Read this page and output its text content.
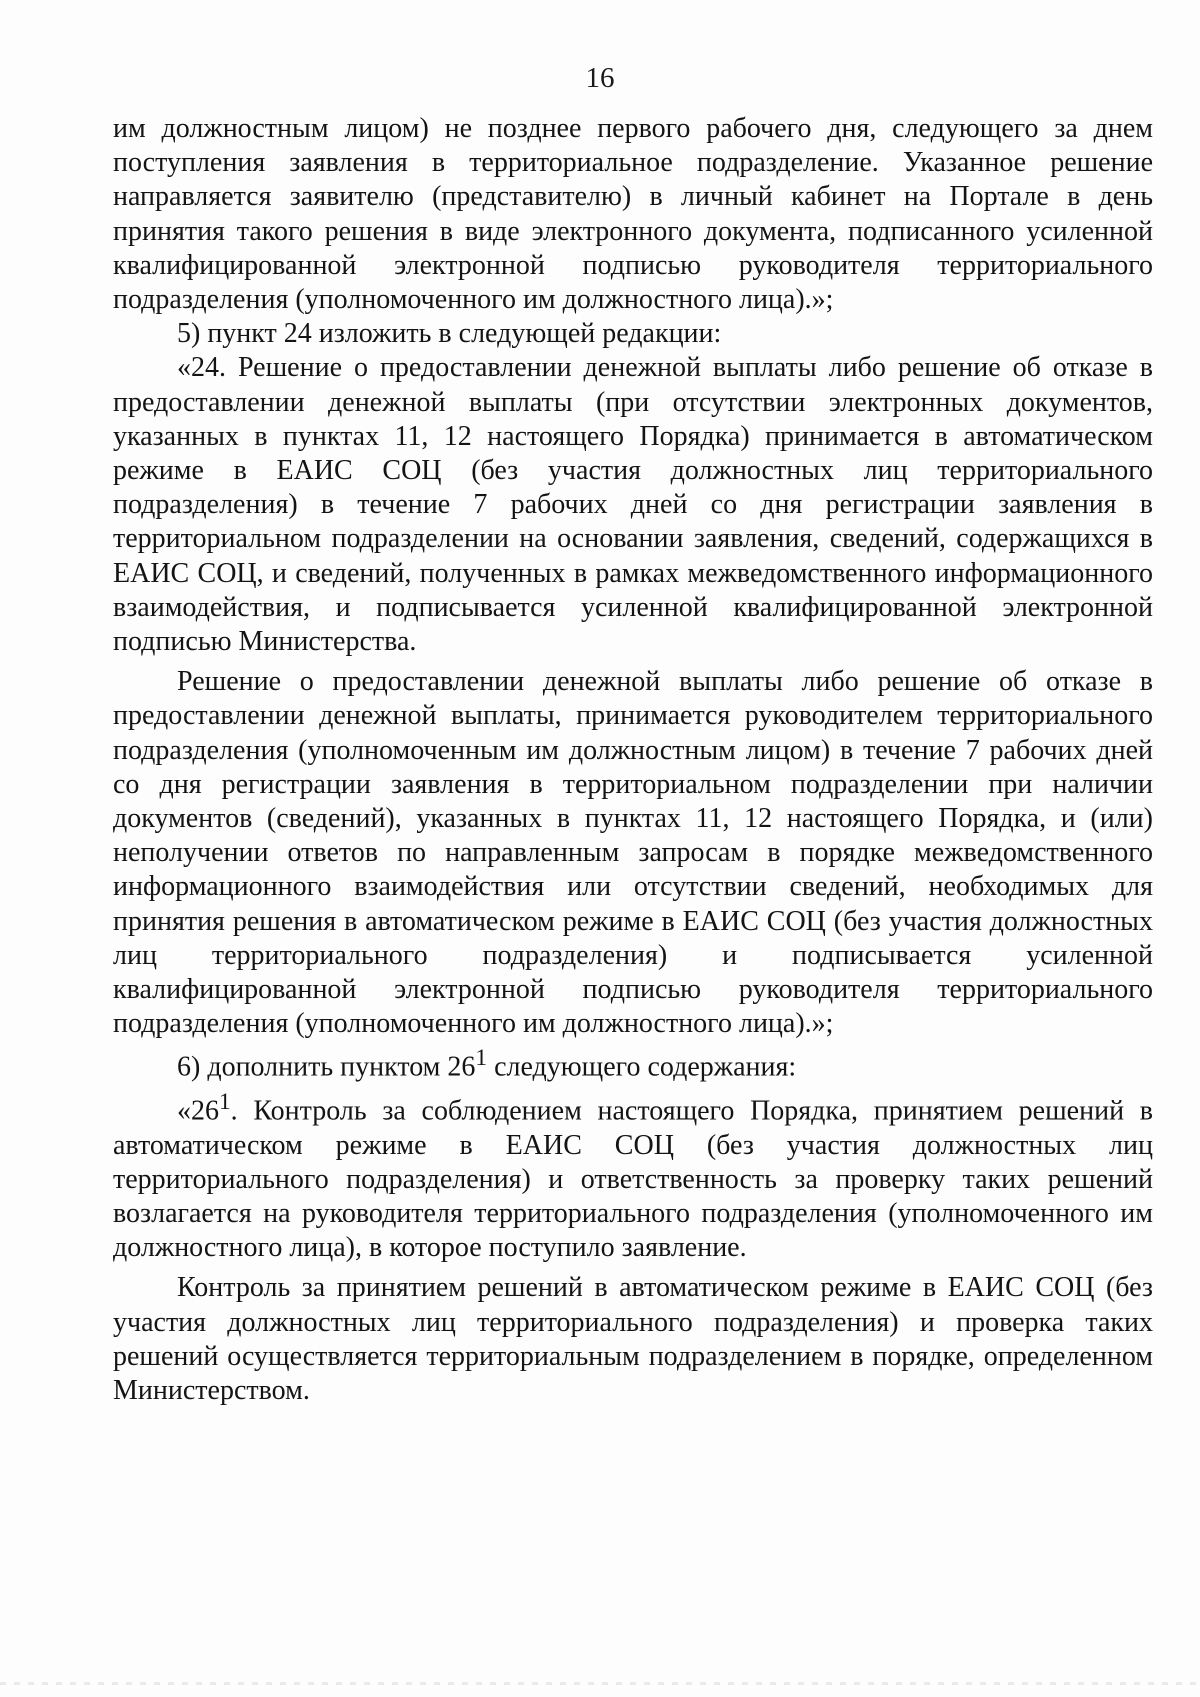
16

им должностным лицом) не позднее первого рабочего дня, следующего за днем поступления заявления в территориальное подразделение. Указанное решение направляется заявителю (представителю) в личный кабинет на Портале в день принятия такого решения в виде электронного документа, подписанного усиленной квалифицированной электронной подписью руководителя территориального подразделения (уполномоченного им должностного лица).»;

5) пункт 24 изложить в следующей редакции:

«24. Решение о предоставлении денежной выплаты либо решение об отказе в предоставлении денежной выплаты (при отсутствии электронных документов, указанных в пунктах 11, 12 настоящего Порядка) принимается в автоматическом режиме в ЕАИС СОЦ (без участия должностных лиц территориального подразделения) в течение 7 рабочих дней со дня регистрации заявления в территориальном подразделении на основании заявления, сведений, содержащихся в ЕАИС СОЦ, и сведений, полученных в рамках межведомственного информационного взаимодействия, и подписывается усиленной квалифицированной электронной подписью Министерства.

Решение о предоставлении денежной выплаты либо решение об отказе в предоставлении денежной выплаты, принимается руководителем территориального подразделения (уполномоченным им должностным лицом) в течение 7 рабочих дней со дня регистрации заявления в территориальном подразделении при наличии документов (сведений), указанных в пунктах 11, 12 настоящего Порядка, и (или) неполучении ответов по направленным запросам в порядке межведомственного информационного взаимодействия или отсутствии сведений, необходимых для принятия решения в автоматическом режиме в ЕАИС СОЦ (без участия должностных лиц территориального подразделения) и подписывается усиленной квалифицированной электронной подписью руководителя территориального подразделения (уполномоченного им должностного лица).»;

6) дополнить пунктом $26^1$ следующего содержания:

«$26^1$. Контроль за соблюдением настоящего Порядка, принятием решений в автоматическом режиме в ЕАИС СОЦ (без участия должностных лиц территориального подразделения) и ответственность за проверку таких решений возлагается на руководителя территориального подразделения (уполномоченного им должностного лица), в которое поступило заявление.

Контроль за принятием решений в автоматическом режиме в ЕАИС СОЦ (без участия должностных лиц территориального подразделения) и проверка таких решений осуществляется территориальным подразделением в порядке, определенном Министерством.
